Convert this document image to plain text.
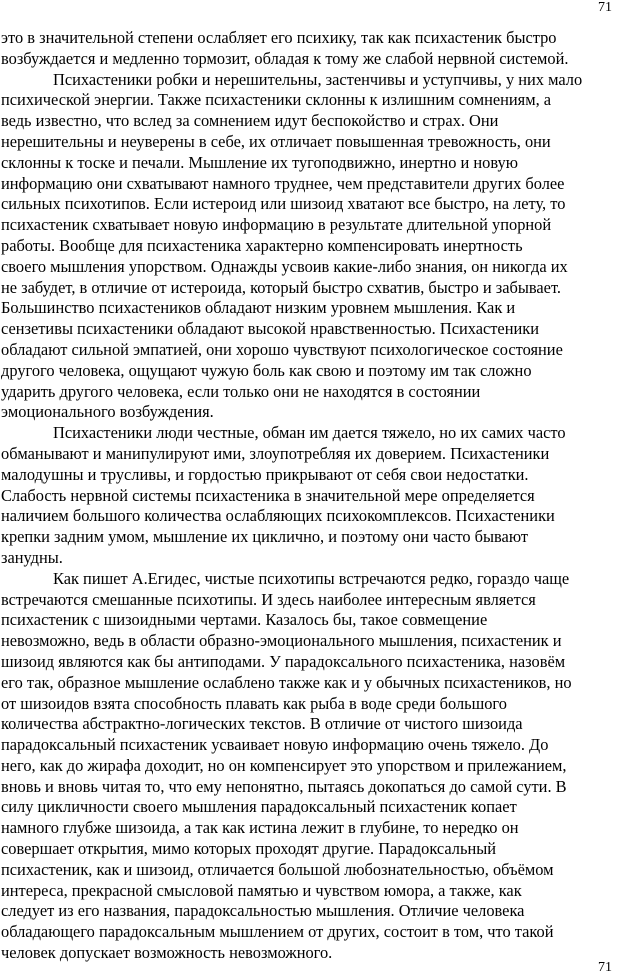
71
это в значительной степени ослабляет его психику, так как психастеник быстро
возбуждается и медленно тормозит, обладая к тому же слабой нервной системой.
Психастеники робки и нерешительны, застенчивы и уступчивы, у них мало
психической энергии. Также психастеники склонны к излишним сомнениям, а
ведь известно, что вслед за сомнением идут беспокойство и страх. Они
нерешительны и неуверены в себе, их отличает повышенная тревожность, они
склонны к тоске и печали. Мышление их тугоподвижно, инертно и новую
информацию они схватывают намного труднее, чем представители других более
сильных психотипов. Если истероид или шизоид хватают все быстро, на лету, то
психастеник схватывает новую информацию в результате длительной упорной
работы. Вообще для психастеника характерно компенсировать инертность
своего мышления упорством. Однажды усвоив какие-либо знания, он никогда их
не забудет, в отличие от истероида, который быстро схватив, быстро и забывает.
Большинство психастеников обладают низким уровнем мышления. Как и
сензетивы психастеники обладают высокой нравственностью. Психастеники
обладают сильной эмпатией, они хорошо чувствуют психологическое состояние
другого человека, ощущают чужую боль как свою и поэтому им так сложно
ударить другого человека, если только они не находятся в состоянии
эмоционального возбуждения.
Психастеники люди честные, обман им дается тяжело, но их самих часто
обманывают и манипулируют ими, злоупотребляя их доверием. Психастеники
малодушны и трусливы, и гордостью прикрывают от себя свои недостатки.
Слабость нервной системы психастеника в значительной мере определяется
наличием большого количества ослабляющих психокомплексов. Психастеники
крепки задним умом, мышление их циклично, и поэтому они часто бывают
занудны.
Как пишет А.Егидес, чистые психотипы встречаются редко, гораздо чаще
встречаются смешанные психотипы. И здесь наиболее интересным является
психастеник с шизоидными чертами. Казалось бы, такое совмещение
невозможно, ведь в области образно-эмоционального мышления, психастеник и
шизоид являются как бы антиподами. У парадоксального психастеника, назовём
его так, образное мышление ослаблено также как и у обычных психастеников, но
от шизоидов взята способность плавать как рыба в воде среди большого
количества абстрактно-логических текстов. В отличие от чистого шизоида
парадоксальный психастеник усваивает новую информацию очень тяжело. До
него, как до жирафа доходит, но он компенсирует это упорством и прилежанием,
вновь и вновь читая то, что ему непонятно, пытаясь докопаться до самой сути. В
силу цикличности своего мышления парадоксальный психастеник копает
намного глубже шизоида, а так как истина лежит в глубине, то нередко он
совершает открытия, мимо которых проходят другие. Парадоксальный
психастеник, как и шизоид, отличается большой любознательностью, объёмом
интереса, прекрасной смысловой памятью и чувством юмора, а также, как
следует из его названия, парадоксальностью мышления. Отличие человека
обладающего парадоксальным мышлением от других, состоит в том, что такой
человек допускает возможность невозможного.
71
